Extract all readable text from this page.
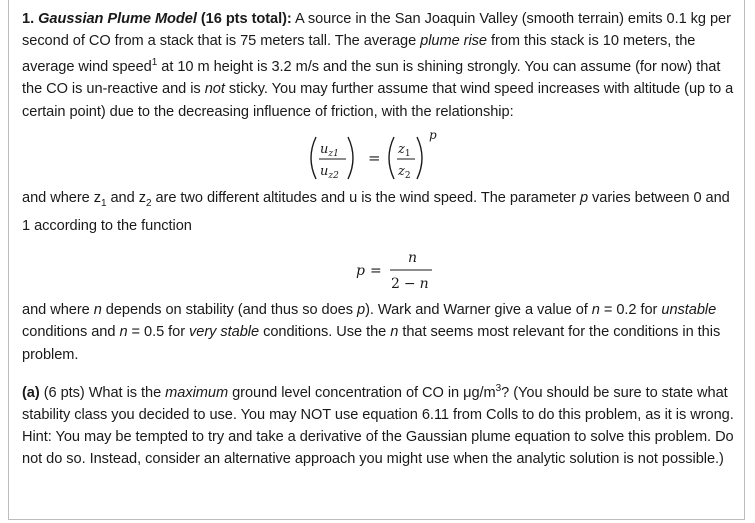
1. Gaussian Plume Model (16 pts total): A source in the San Joaquin Valley (smooth terrain) emits 0.1 kg per second of CO from a stack that is 75 meters tall. The average plume rise from this stack is 10 meters, the average wind speed$^1$ at 10 m height is 3.2 m/s and the sun is shining strongly. You can assume (for now) that the CO is un-reactive and is not sticky. You may further assume that wind speed increases with altitude (up to a certain point) due to the decreasing influence of friction, with the relationship:

$u_{z1}$
$u_{z2}$
= $z_1$
$z_2$
p

and where $z_1$ and $z_2$ are two different altitudes and u is the wind speed. The parameter p varies between 0 and 1 according to the function

p =
n
2 − n

and where n depends on stability (and thus so does p). Wark and Warner give a value of n = 0.2 for unstable conditions and n = 0.5 for very stable conditions. Use the n that seems most relevant for the conditions in this problem.

(a) (6 pts) What is the maximum ground level concentration of CO in $\mu g/m^3$? (You should be sure to state what stability class you decided to use. You may NOT use equation 6.11 from Colls to do this problem, as it is wrong. Hint: You may be tempted to try and take a derivative of the Gaussian plume equation to solve this problem. Do not do so. Instead, consider an alternative approach you might use when the analytic solution is not possible.)
